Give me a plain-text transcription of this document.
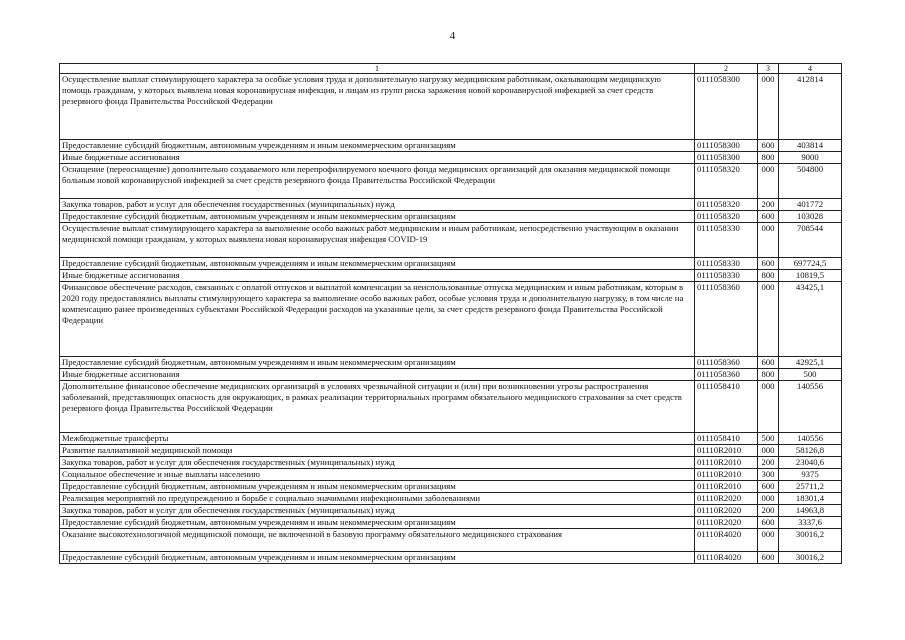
4
1	2	3	4
Осуществление выплат стимулирующего характера за особые условия труда и дополнительную нагрузку медицинским работникам, оказывающим медицинскую помощь гражданам, у которых выявлена новая коронавирусная инфекция, и лицам из групп риска заражения новой коронавирусной инфекцией за счет средств резервного фонда Правительства Российской Федерации	0111058300	000	412814
Предоставление субсидий бюджетным, автономным учреждениям и иным некоммерческим организациям	0111058300	600	403814
Иные бюджетные ассигнования	0111058300	800	9000
Оснащение (переоснащение) дополнительно создаваемого или перепрофилируемого коечного фонда медицинских организаций для оказания медицинской помощи больным новой коронавирусной инфекцией за счет средств резервного фонда Правительства Российской Федерации	0111058320	000	504800
Закупка товаров, работ и услуг для обеспечения государственных (муниципальных) нужд	0111058320	200	401772
Предоставление субсидий бюджетным, автономным учреждениям и иным некоммерческим организациям	0111058320	600	103028
Осуществление выплат стимулирующего характера за выполнение особо важных работ медицинским и иным работникам, непосредственно участвующим в оказании медицинской помощи гражданам, у которых выявлена новая коронавирусная инфекция COVID-19	0111058330	000	708544
Предоставление субсидий бюджетным, автономным учреждениям и иным некоммерческим организациям	0111058330	600	697724,5
Иные бюджетные ассигнования	0111058330	800	10819,5
Финансовое обеспечение расходов, связанных с оплатой отпусков и выплатой компенсации за неиспользованные отпуска медицинским и иным работникам, которым в 2020 году предоставлялись выплаты стимулирующего характера за выполнение особо важных работ, особые условия труда и дополнительную нагрузку, в том числе на компенсацию ранее произведенных субъектами Российской Федерации расходов на указанные цели, за счет средств резервного фонда Правительства Российской Федерации	0111058360	000	43425,1
Предоставление субсидий бюджетным, автономным учреждениям и иным некоммерческим организациям	0111058360	600	42925,1
Иные бюджетные ассигнования	0111058360	800	500
Дополнительное финансовое обеспечение медицинских организаций в условиях чрезвычайной ситуации и (или) при возникновении угрозы распространения заболеваний, представляющих опасность для окружающих, в рамках реализации территориальных программ обязательного медицинского страхования за счет средств резервного фонда Правительства Российской Федерации	0111058410	000	140556
Межбюджетные трансферты	0111058410	500	140556
Развитие паллиативной медицинской помощи	01110R2010	000	58126,8
Закупка товаров, работ и услуг для обеспечения государственных (муниципальных) нужд	01110R2010	200	23040,6
Социальное обеспечение и иные выплаты населению	01110R2010	300	9375
Предоставление субсидий бюджетным, автономным учреждениям и иным некоммерческим организациям	01110R2010	600	25711,2
Реализация мероприятий по предупреждению и борьбе с социально значимыми инфекционными заболеваниями	01110R2020	000	18301,4
Закупка товаров, работ и услуг для обеспечения государственных (муниципальных) нужд	01110R2020	200	14963,8
Предоставление субсидий бюджетным, автономным учреждениям и иным некоммерческим организациям	01110R2020	600	3337,6
Оказание высокотехнологичной медицинской помощи, не включенной в базовую программу обязательного медицинского страхования	01110R4020	000	30016,2
Предоставление субсидий бюджетным, автономным учреждениям и иным некоммерческим организациям	01110R4020	600	30016,2
